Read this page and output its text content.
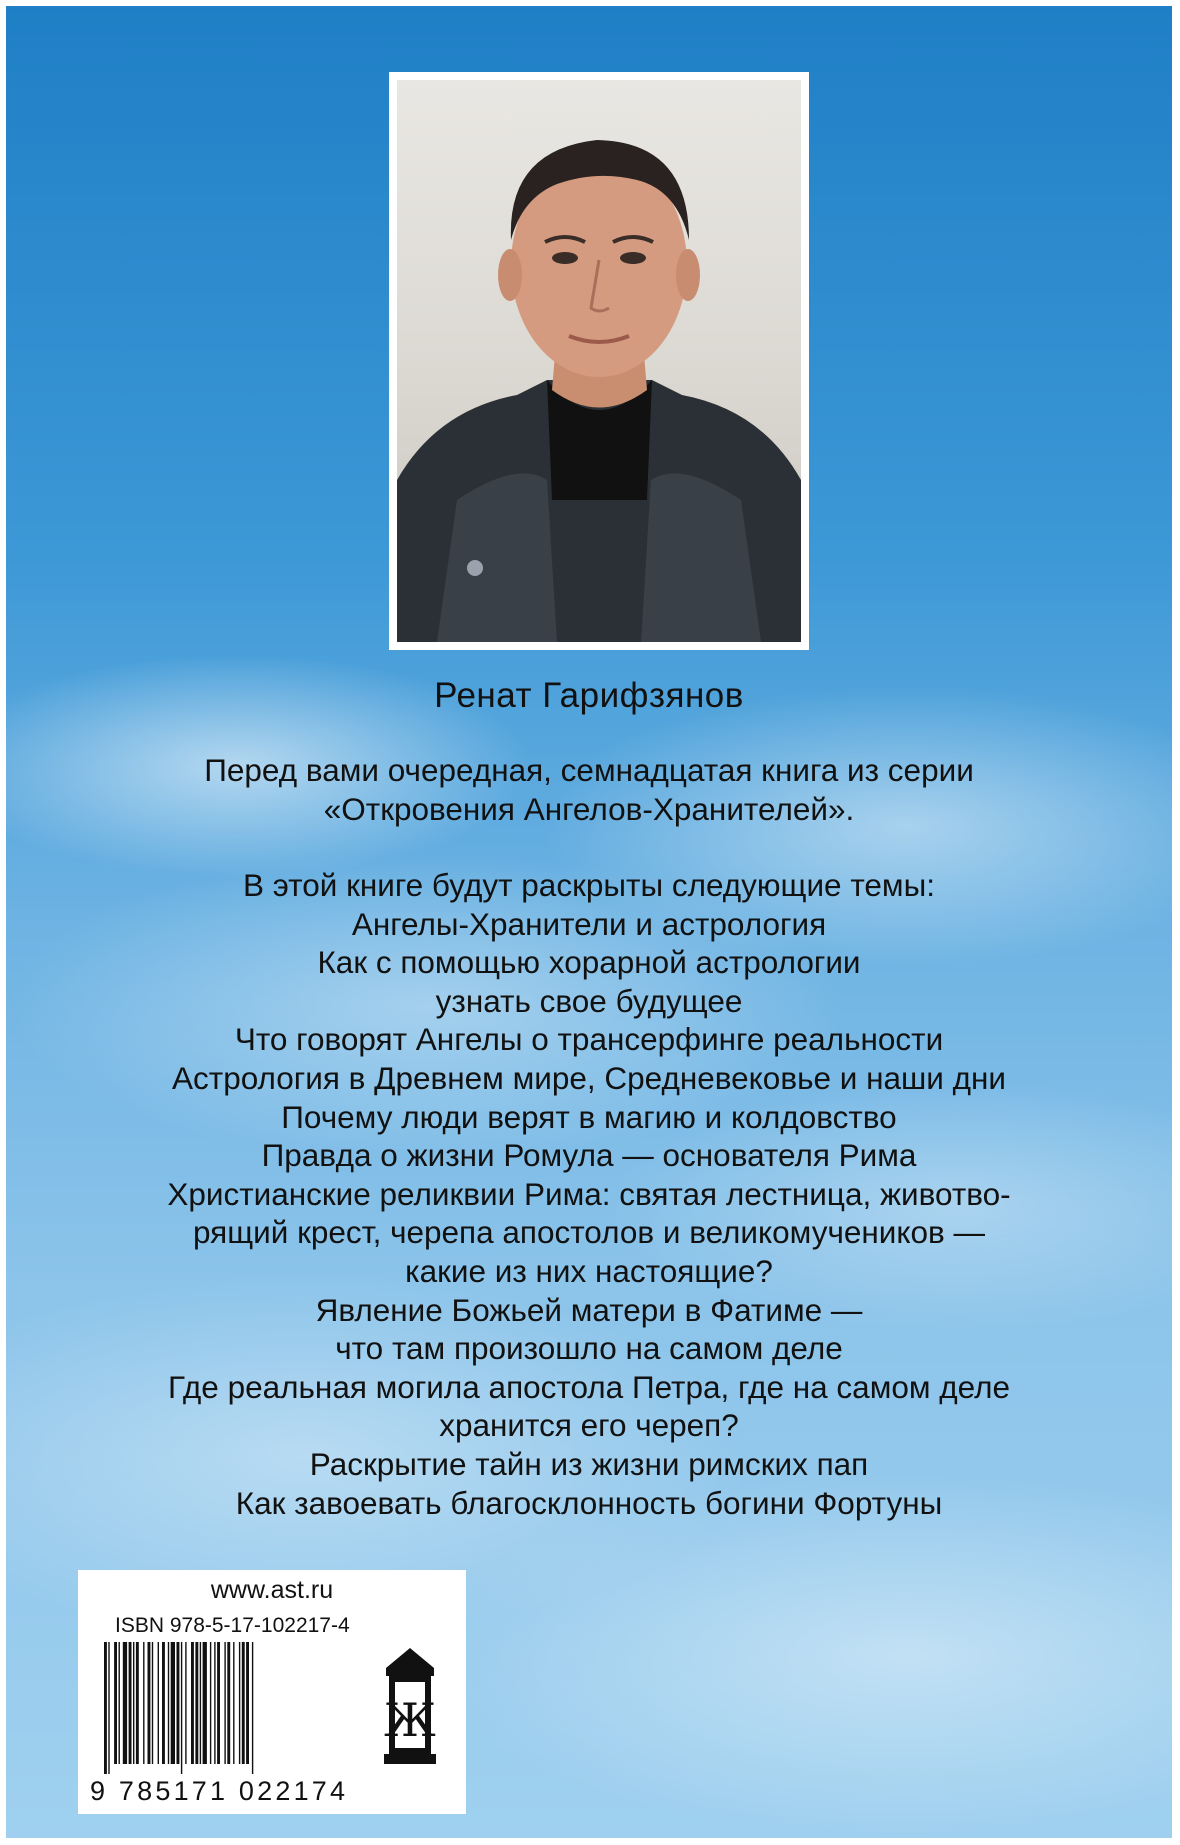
Ренат Гарифзянов
Перед вами очередная, семнадцатая книга из серии
«Откровения Ангелов-Хранителей».
В этой книге будут раскрыты следующие темы:
Ангелы-Хранители и астрология
Как с помощью хорарной астрологии
узнать свое будущее
Что говорят Ангелы о трансерфинге реальности
Астрология в Древнем мире, Средневековье и наши дни
Почему люди верят в магию и колдовство
Правда о жизни Ромула — основателя Рима
Христианские реликвии Рима: святая лестница, животво-
рящий крест, черепа апостолов и великомучеников —
какие из них настоящие?
Явление Божьей матери в Фатиме —
что там произошло на самом деле
Где реальная могила апостола Петра, где на самом деле
хранится его череп?
Раскрытие тайн из жизни римских пап
Как завоевать благосклонность богини Фортуны
www.ast.ru
ISBN 978-5-17-102217-4
9 785171 022174
Ж
